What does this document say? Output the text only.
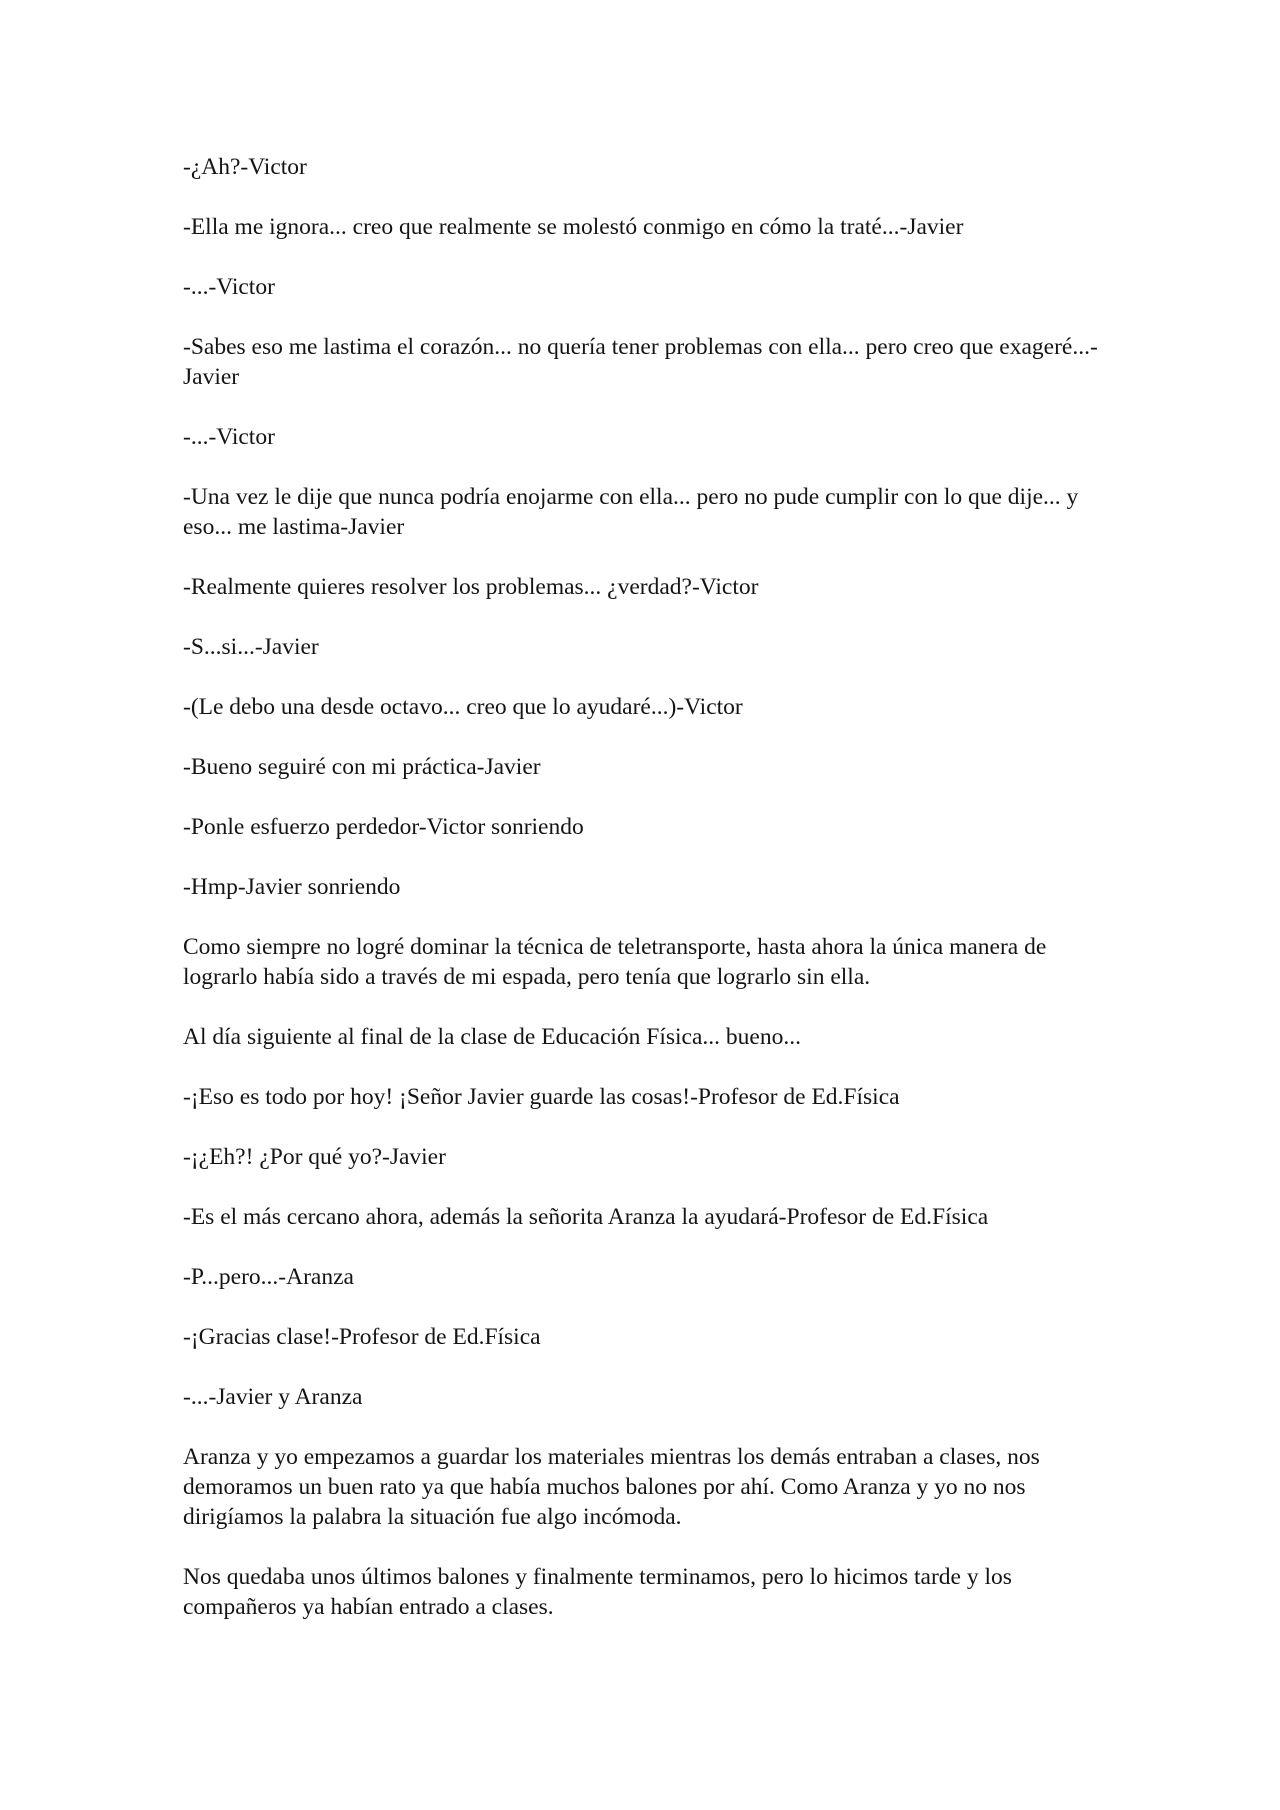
-¿Ah?-Victor

-Ella me ignora... creo que realmente se molestó conmigo en cómo la traté...-Javier

-...-Victor

-Sabes eso me lastima el corazón... no quería tener problemas con ella... pero creo que exageré...-Javier

-...-Victor

-Una vez le dije que nunca podría enojarme con ella... pero no pude cumplir con lo que dije... y eso... me lastima-Javier

-Realmente quieres resolver los problemas... ¿verdad?-Victor

-S...si...-Javier

-(Le debo una desde octavo... creo que lo ayudaré...)-Victor

-Bueno seguiré con mi práctica-Javier

-Ponle esfuerzo perdedor-Victor sonriendo

-Hmp-Javier sonriendo

Como siempre no logré dominar la técnica de teletransporte, hasta ahora la única manera de lograrlo había sido a través de mi espada, pero tenía que lograrlo sin ella.

Al día siguiente al final de la clase de Educación Física... bueno...

-¡Eso es todo por hoy! ¡Señor Javier guarde las cosas!-Profesor de Ed.Física

-¡¿Eh?! ¿Por qué yo?-Javier

-Es el más cercano ahora, además la señorita Aranza la ayudará-Profesor de Ed.Física

-P...pero...-Aranza

-¡Gracias clase!-Profesor de Ed.Física

-...-Javier y Aranza

Aranza y yo empezamos a guardar los materiales mientras los demás entraban a clases, nos demoramos un buen rato ya que había muchos balones por ahí. Como Aranza y yo no nos dirigíamos la palabra la situación fue algo incómoda.

Nos quedaba unos últimos balones y finalmente terminamos, pero lo hicimos tarde y los compañeros ya habían entrado a clases.
